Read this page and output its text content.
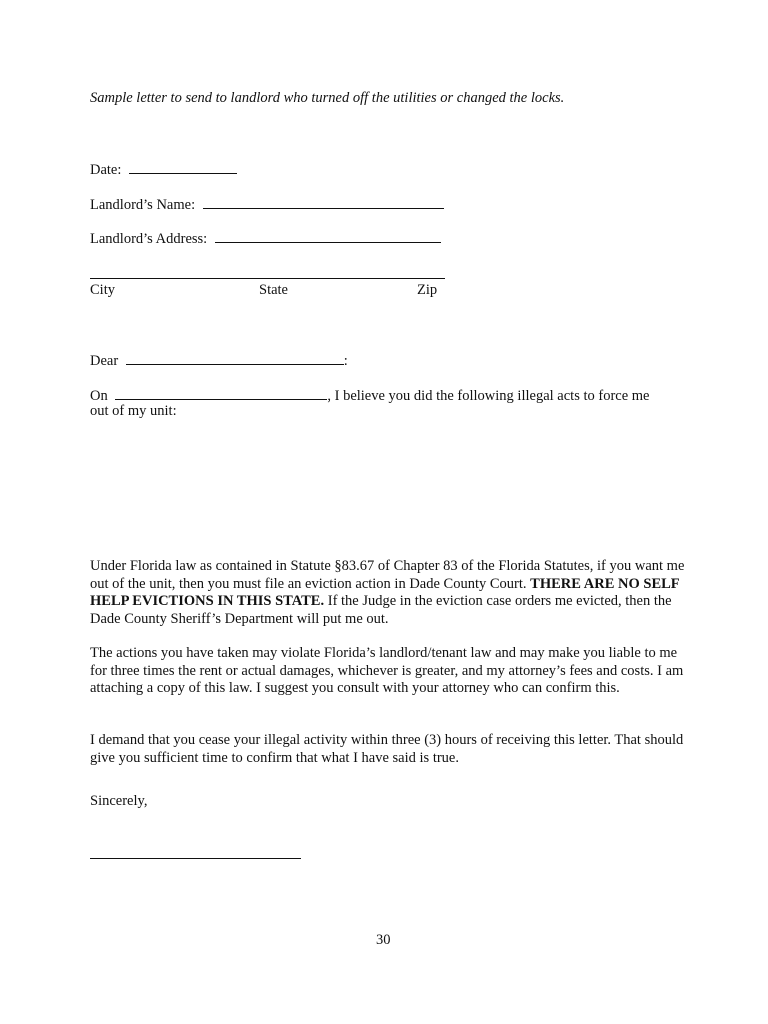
Sample letter to send to landlord who turned off the utilities or changed the locks.
Date:
Landlord’s Name:
Landlord’s Address:
City	State	Zip
Dear	:
On	, I believe you did the following illegal acts to force me
out of my unit:
Under Florida law as contained in Statute §83.67 of Chapter 83 of the Florida Statutes, if you want me out of the unit, then you must file an eviction action in Dade County Court. THERE ARE NO SELF HELP EVICTIONS IN THIS STATE. If the Judge in the eviction case orders me evicted, then the Dade County Sheriff’s Department will put me out.
The actions you have taken may violate Florida’s landlord/tenant law and may make you liable to me for three times the rent or actual damages, whichever is greater, and my attorney’s fees and costs. I am attaching a copy of this law. I suggest you consult with your attorney who can confirm this.
I demand that you cease your illegal activity within three (3) hours of receiving this letter. That should give you sufficient time to confirm that what I have said is true.
Sincerely,
30
